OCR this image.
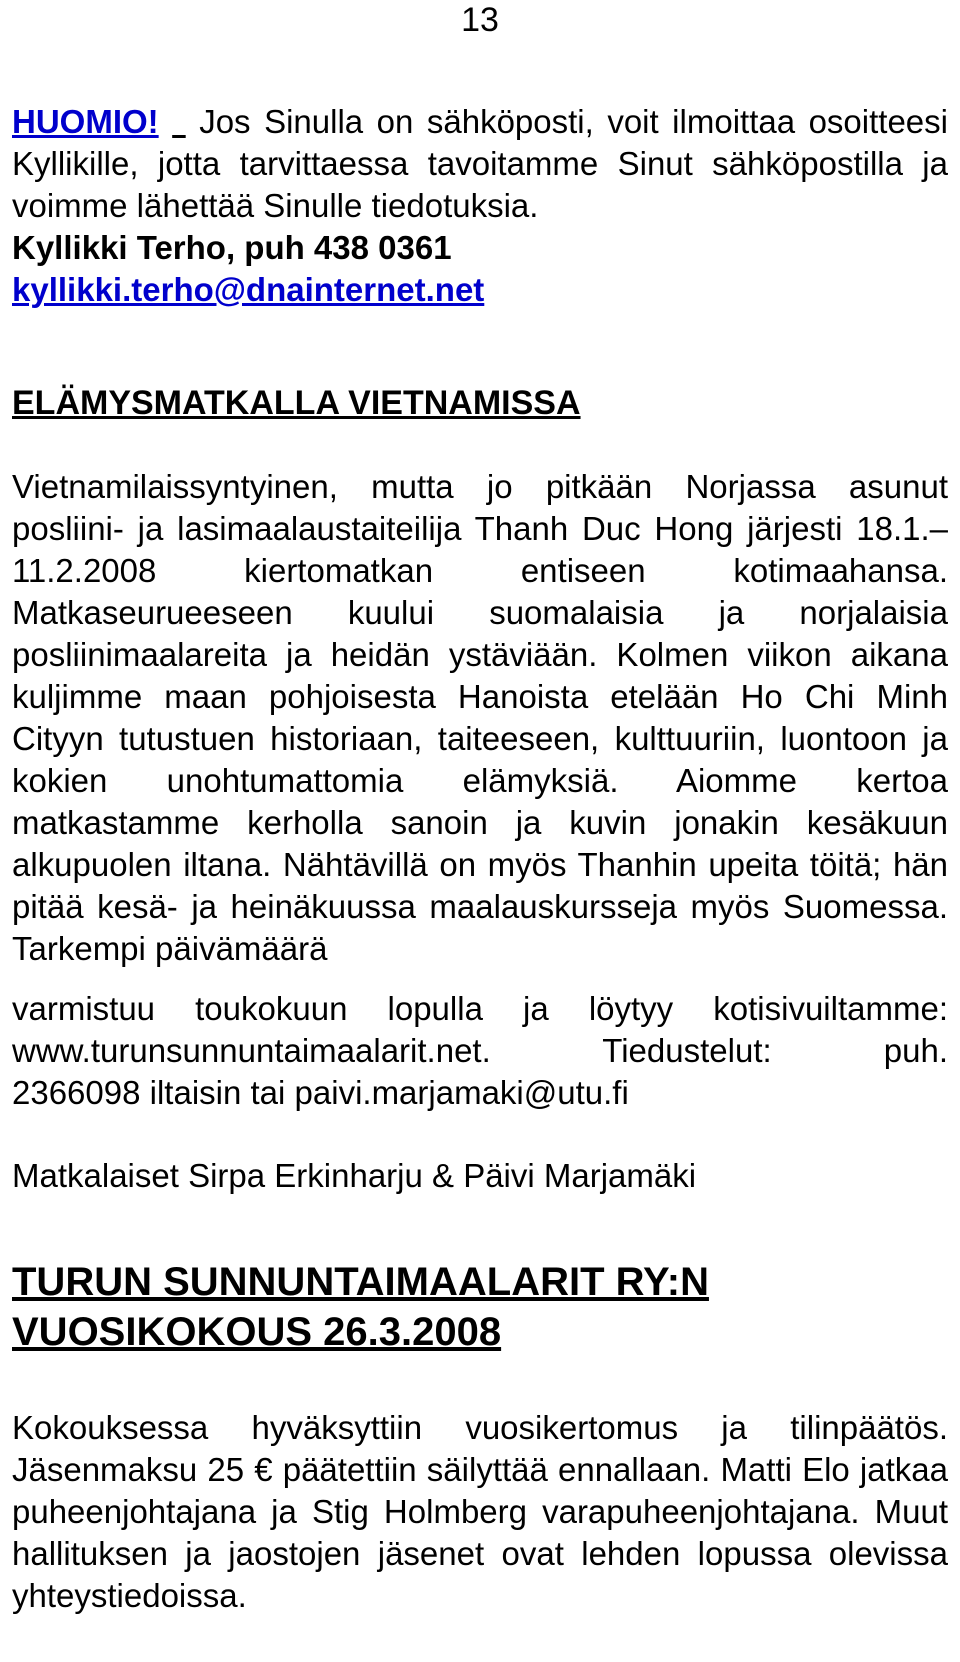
13
HUOMIO! Jos Sinulla on sähköposti, voit ilmoittaa osoitteesi Kyllikille, jotta tarvittaessa tavoitamme Sinut sähköpostilla ja voimme lähettää Sinulle tiedotuksia.
Kyllikki Terho, puh 438 0361
kyllikki.terho@dnainternet.net
ELÄMYSMATKALLA VIETNAMISSA
Vietnamilaissyntyinen, mutta jo pitkään Norjassa asunut posliini- ja lasimaalaustaiteilija Thanh Duc Hong järjesti 18.1.–11.2.2008 kiertomatkan entiseen kotimaahansa. Matkaseurueeseen kuului suomalaisia ja norjalaisia posliinimaalareita ja heidän ystäviään. Kolmen viikon aikana kuljimme maan pohjoisesta Hanoista etelään Ho Chi Minh Cityyn tutustuen historiaan, taiteeseen, kulttuuriin, luontoon ja kokien unohtumattomia elämyksiä. Aiomme kertoa matkastamme kerholla sanoin ja kuvin jonakin kesäkuun alkupuolen iltana. Nähtävillä on myös Thanhin upeita töitä; hän pitää kesä- ja heinäkuussa maalauskursseja myös Suomessa. Tarkempi päivämäärä
varmistuu toukokuun lopulla ja löytyy kotisivuiltamme:
www.turunsunnuntaimaalarit.net. Tiedustelut: puh.
2366098 iltaisin tai paivi.marjamaki@utu.fi
Matkalaiset Sirpa Erkinharju & Päivi Marjamäki
TURUN SUNNUNTAIMAALARIT RY:N
VUOSIKOKOUS 26.3.2008
Kokouksessa hyväksyttiin vuosikertomus ja tilinpäätös. Jäsenmaksu 25 € päätettiin säilyttää ennallaan. Matti Elo jatkaa puheenjohtajana ja Stig Holmberg varapuheenjohtajana. Muut hallituksen ja jaostojen jäsenet ovat lehden lopussa olevissa yhteystiedoissa.
